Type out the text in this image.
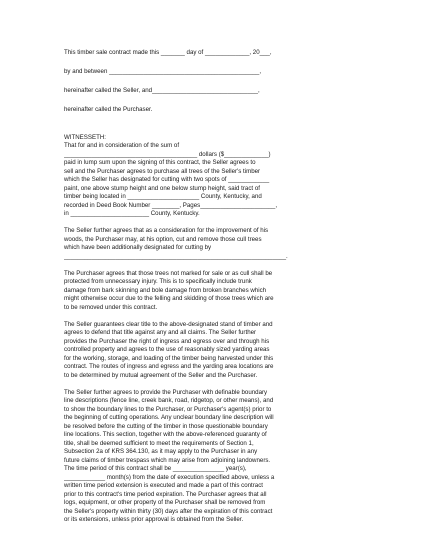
This timber sale contract made this _______ day of _____________, 20___,
by and between ____________________________________________,
hereinafter called the Seller, and_______________________________,
hereinafter called the Purchaser.
WITNESSETH:
That for and in consideration of the sum of
_______________________________________ dollars ($_____________)
paid in lump sum upon the signing of this contract, the Seller agrees to
sell and the Purchaser agrees to purchase all trees of the Seller's timber
which the Seller has designated for cutting with two spots of ____________
paint, one above stump height and one below stump height, said tract of
timber being located in _____________________ County, Kentucky, and
recorded in Deed Book Number ________, Pages______________________,
in _______________________ County, Kentucky.
The Seller further agrees that as a consideration for the improvement of his
woods, the Purchaser may, at his option, cut and remove those cull trees
which have been additionally designated for cutting by
_________________________________________________________________.
The Purchaser agrees that those trees not marked for sale or as cull shall be
protected from unnecessary injury. This is to specifically include trunk
damage from bark skinning and bole damage from broken branches which
might otherwise occur due to the felling and skidding of those trees which are
to be removed under this contract.
The Seller guarantees clear title to the above-designated stand of timber and
agrees to defend that title against any and all claims. The Seller further
provides the Purchaser the right of ingress and egress over and through his
controlled property and agrees to the use of reasonably sized yarding areas
for the working, storage, and loading of the timber being harvested under this
contract. The routes of ingress and egress and the yarding area locations are
to be determined by mutual agreement of the Seller and the Purchaser.
The Seller further agrees to provide the Purchaser with definable boundary
line descriptions (fence line, creek bank, road, ridgetop, or other means), and
to show the boundary lines to the Purchaser, or Purchaser's agent(s) prior to
the beginning of cutting operations. Any unclear boundary line description will
be resolved before the cutting of the timber in those questionable boundary
line locations. This section, together with the above-referenced guaranty of
title, shall be deemed sufficient to meet the requirements of Section 1,
Subsection 2a of KRS 364.130, as it may apply to the Purchaser in any
future claims of timber trespass which may arise from adjoining landowners.
The time period of this contract shall be _______________ year(s),
____________ month(s) from the date of execution specified above, unless a
written time period extension is executed and made a part of this contract
prior to this contract's time period expiration. The Purchaser agrees that all
logs, equipment, or other property of the Purchaser shall be removed from
the Seller's property within thirty (30) days after the expiration of this contract
or its extensions, unless prior approval is obtained from the Seller.
